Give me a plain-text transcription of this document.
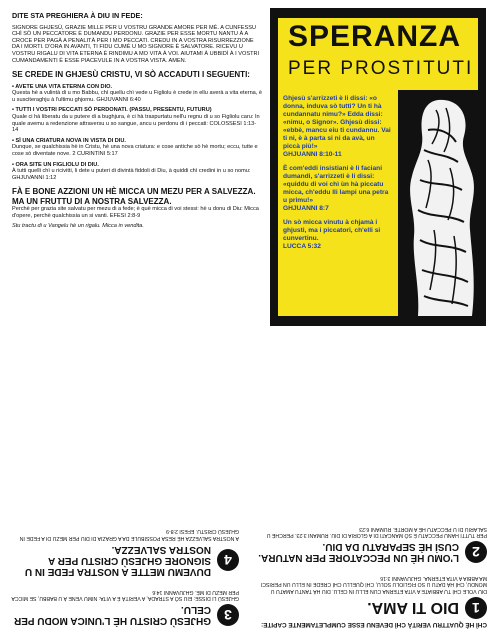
DITE STA PREGHIERA À DIU IN FEDE:

SIGNORE GHJESÙ, GRAZIE MILLE PER U VOSTRU GRANDE AMORE PER MÈ. A CUNFESSU CHÌ SÒ UN PECCATORE È DUMANDU PERDONU. GRAZIE PER ESSE MORTU NANTU À A CROCE PER PAGÀ A PENALITÀ PER I MO PECCATI. CREDU IN A VOSTRA RISURREZZIONE DA I MORTI. D'ORA IN AVANTI, TI FIDU CUMÈ U MO SIGNORE È SALVATORE. RICEVU U VOSTRU RIGALU DI VITA ETERNA È RINDIMU A MO VITA À VOI. AIUTAMI À UBBIDÌ À I VOSTRI CUMANDAMENTI È ESSE PIACEVULE IN A VOSTRA VISTA. AMEN.

SE CREDE IN GHJESÙ CRISTU, VI SÒ ACCADUTI I SEGUENTI:

• AVETE UNA VITA ETERNA CON DIO.

Questa hè a vulintà di u mo Babbu, chì quellu chì vede u Figliolu è crede in ellu averà a vita eterna, è u susciteraghju à l'ultimu ghjornu. GHJUVANNI 6:40

• TUTTI I VOSTRI PECCATI SÒ PERDONATI. (PASSU, PRESENTU, FUTURU)

Quale ci hà liberatu da u putere di a bughjura, è ci hà traspurtatu nell'u regnu di u so Figliolu caru: In quale avemu a redenzione attraversu u so sangue, ancu u perdonu di i peccati: COLOSSESI 1:13-14

• SÌ UNA CRIATURA NOVA IN VISTA DI DIU.

Dunque, se qualchissia hè in Cristu, hè una nova criatura: e cose antiche sò hè mortu; eccu, tutte e cose sò diventate nove. 2 CURINTINI 5:17

• ORA SITE UN FIGLIOLU DI DIU.

À tutti quelli chì u ricivitti, li dete u puteri di divintà fiddoli di Diu, à quiddi chì credini in u so nomu: GHJUVANNI 1:12

FÀ E BONE AZZIONI UN HÈ MICCA UN MEZU PER A SALVEZZA. MA UN FRUTTU DI A NOSTRA SALVEZZA.

Perchè per grazia site salvatu per mezu di a fede; è què micca di voi stessi: hè u donu di Diu: Micca d'opere, perchè qualchissia un si vanti. EFESI 2:8-9

Stu tractu di u Vangelu hè un rigalu. Micca in vendita.

SPERANZA
PER PROSTITUTI

Ghjesù s'arrizzeti è li dissi: «o donna, induva sò tutti? Un ti hà cundannatu nimu?» Edda dissi: «nimu, o Signor». Ghjesù dissi: «ebbè, mancu eiu ti cundannu. Vai ti ni, è à parta si ni da avà, un piccà più!»

GHJUANNI 8:10-11

È com'eddi insistiani è li faciani dumandi, s'arrizzeti è li dissi: «quiddu di voi chì ùn hà piccatu micca, ch'eddu lli lampi una petra u primu!»

GHJUANNI 8:7

Un sò micca vinutu à chjamà i ghjusti, ma i piccatori, ch'elli si cunvertinu.

LUCCA 5:32

CHÌ HÈ QUATTRU VERITÀ CHÌ DEVENU ESSE CUMPLETAMENTE CAPITE:

1
DIO TI AMA.

DIU VOLE CHÌ TU ABBIATE A VITA ETERNA CUN ELLU IN CELU. DIU HÀ TANTU AMATU U MONDU, CHÌ HÀ DATU U SO FIGLIOLU SOLU, CHÌ QUELLU CHÌ CREDE IN ELLU UN PERISCI MA ABBIA A VITA ETERNA. GHJUVANNI 3:16

2
L'OMU HÈ UN PECCATORE PER NATURA. CUSÌ HÈ SEPARATU DA DIU.

PER TUTTI HANU PECCATU È SÒ MANCATI DI A GLORIA DI DIU. RUMANI 3:23. PERCHÈ U SALARIU DI U PECCATU HÈ A MORTE. RUMANI 6:23

3
GHJESÙ CRISTU HÈ L'UNICA MODU PER CELU.

GHJESÙ LI DISSE: EIU SÒ A STRADA, A VERITÀ È A VITA: NIMU VENE À U BABBU, SE MICCA PER MEZU DI MÈ. GHJUVANNI 14:6

4
DUVEMU METTE A NOSTRA FEDE IN U SIGNORE GHJESÙ CRISTU PER A NOSTRA SALVEZZA.

A NOSTRA SALVEZZA HÈ RESA POSSIBULE DA A GRAZIA DI DIU PER MEZU DI A FEDE IN GHJESÙ CRISTU. EFESI 2:8-9
